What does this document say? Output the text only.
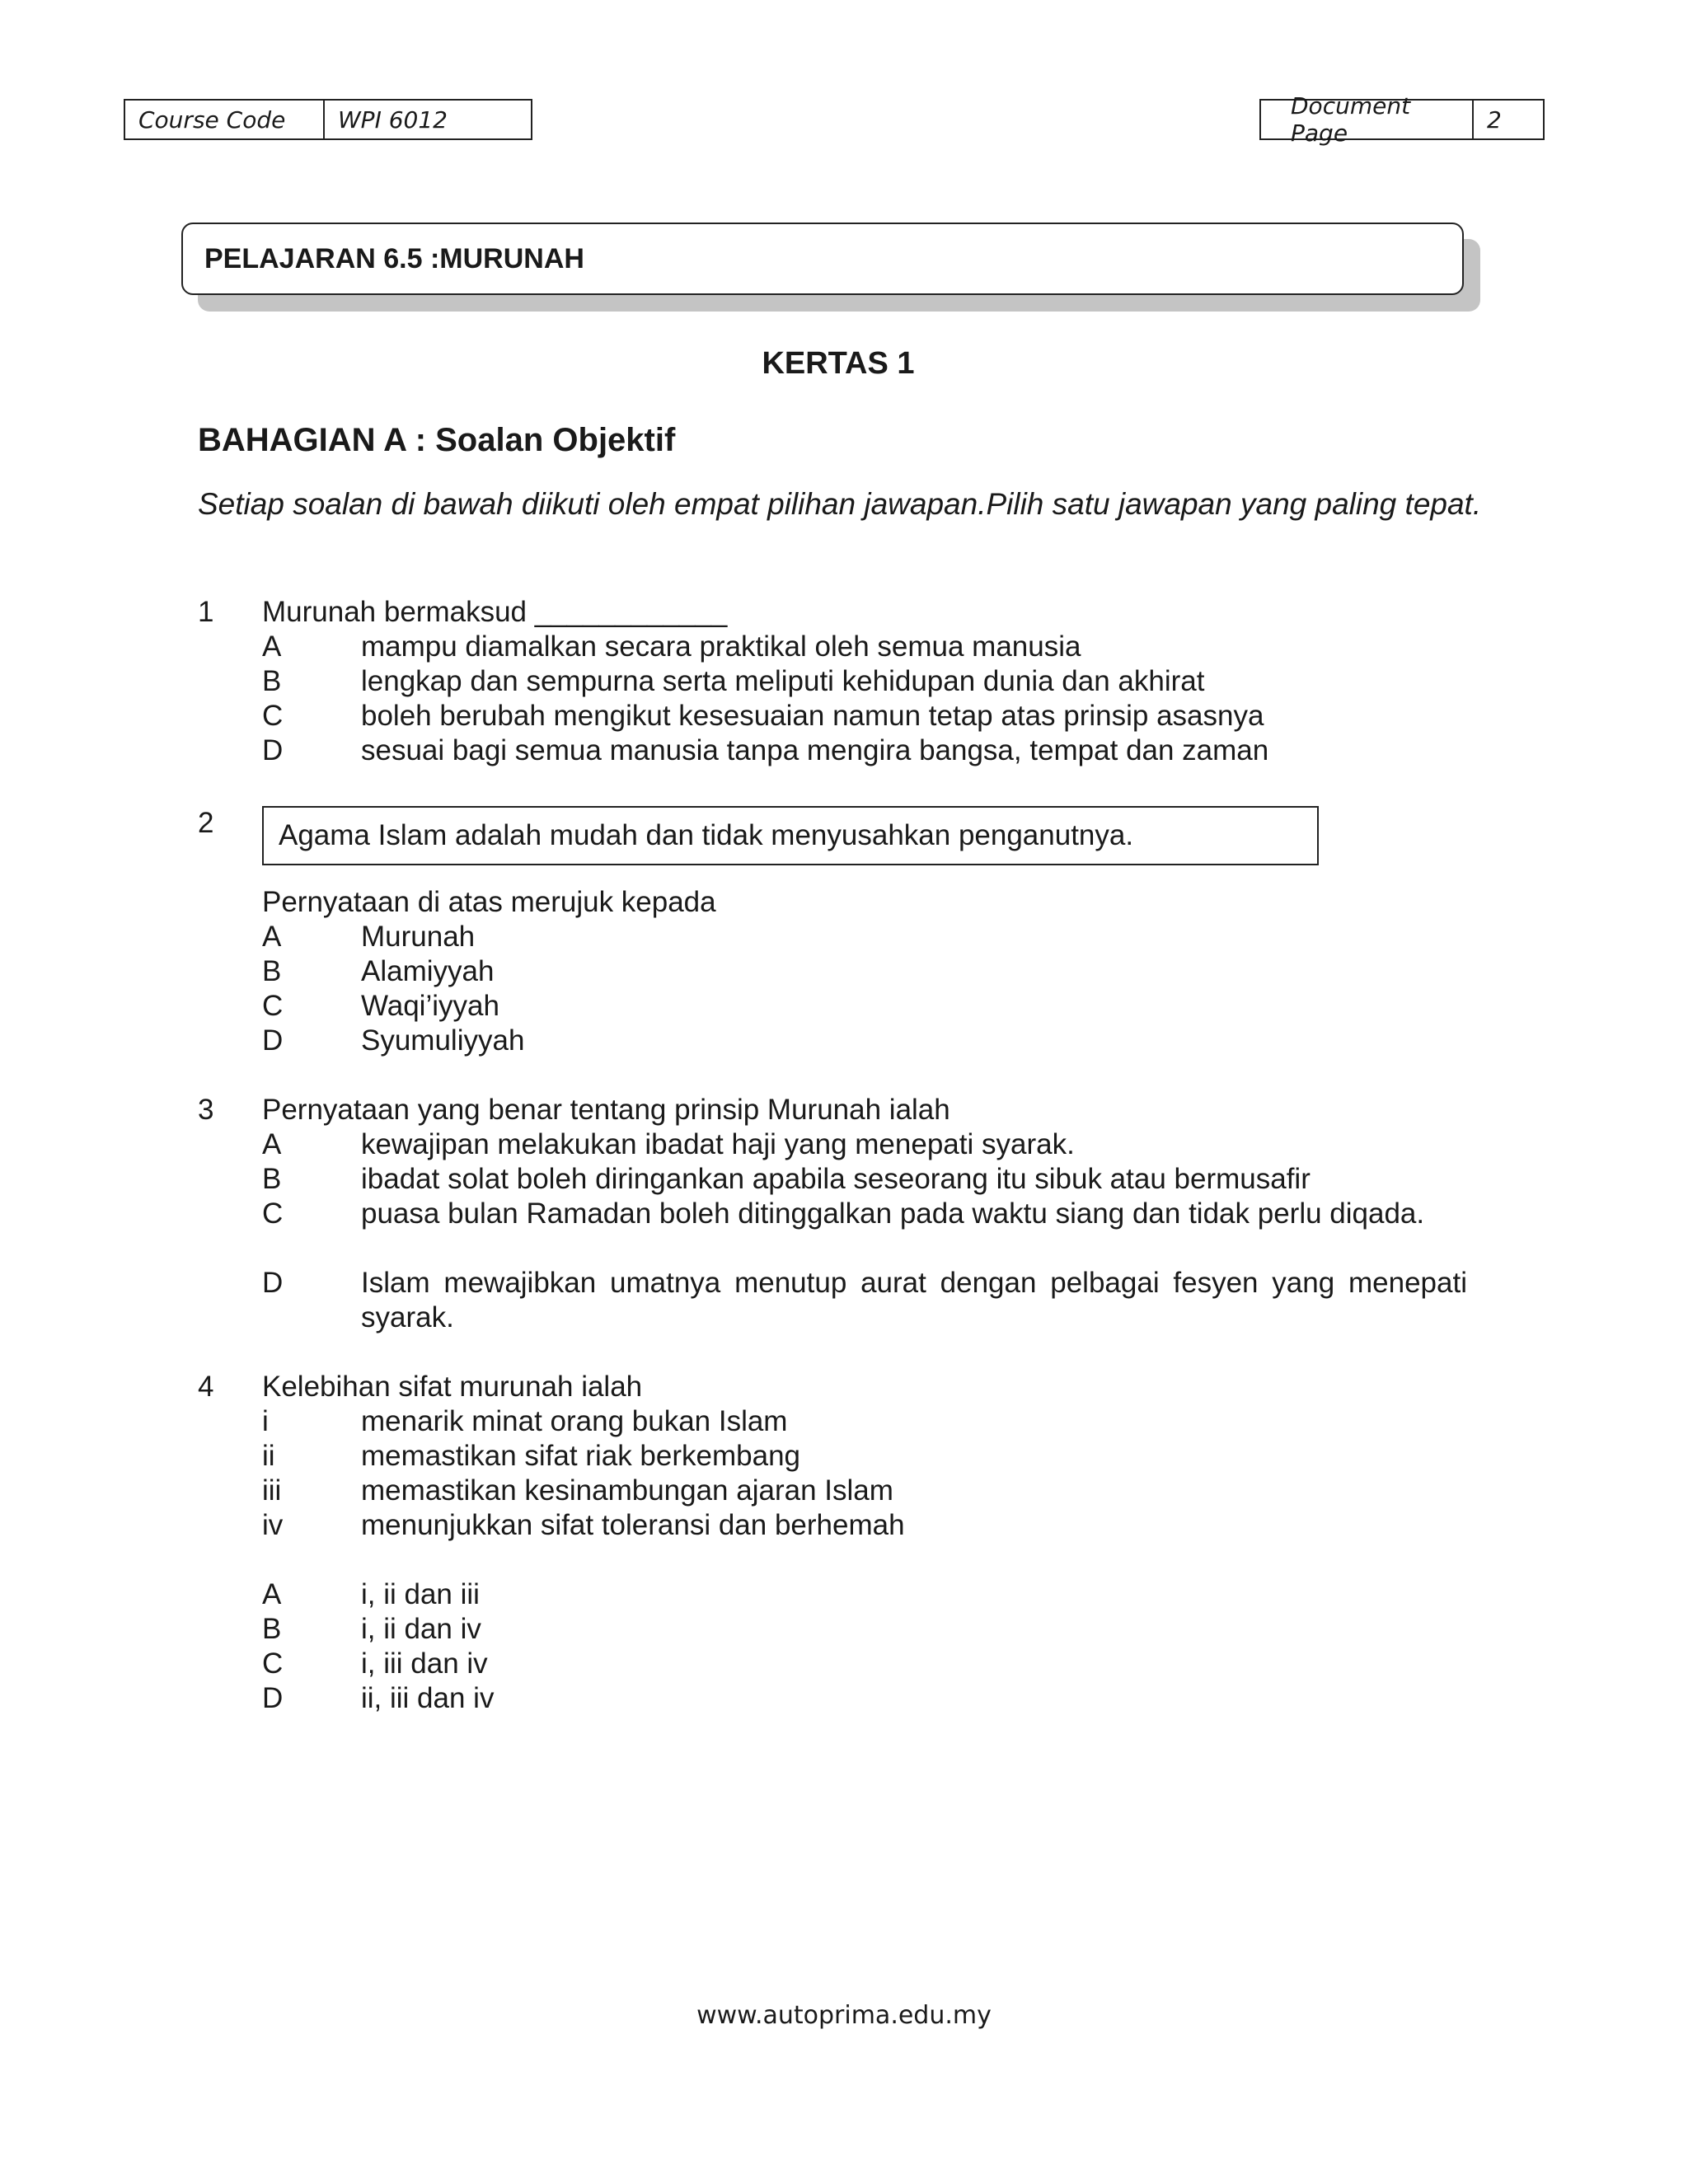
Course Code	WPI 6012	Document Page	2
PELAJARAN 6.5 :MURUNAH
KERTAS 1
BAHAGIAN A : Soalan Objektif
Setiap soalan di bawah diikuti oleh empat pilihan jawapan.Pilih satu jawapan yang paling tepat.
1 Murunah bermaksud ____________
A	mampu diamalkan secara praktikal oleh semua manusia
B	lengkap dan sempurna serta meliputi kehidupan dunia dan akhirat
C	boleh berubah mengikut kesesuaian namun tetap atas prinsip asasnya
D	sesuai bagi semua manusia tanpa mengira bangsa, tempat dan zaman
2	Agama Islam adalah mudah dan tidak menyusahkan penganutnya.
Pernyataan di atas merujuk kepada
A	Murunah
B	Alamiyyah
C	Waqi’iyyah
D	Syumuliyyah
3 Pernyataan yang benar tentang prinsip Murunah ialah
A	kewajipan melakukan ibadat haji yang menepati syarak.
B	ibadat solat boleh diringankan apabila seseorang itu sibuk atau bermusafir
C	puasa bulan Ramadan boleh ditinggalkan pada waktu siang dan tidak perlu diqada.
D	Islam mewajibkan umatnya menutup aurat dengan pelbagai fesyen yang menepati syarak.
4 Kelebihan sifat murunah ialah
i	menarik minat orang bukan Islam
ii	memastikan sifat riak berkembang
iii	memastikan kesinambungan ajaran Islam
iv	menunjukkan sifat toleransi dan berhemah
A	i, ii dan iii
B	i, ii dan iv
C	i, iii dan iv
D	ii, iii dan iv
www.autoprima.edu.my
